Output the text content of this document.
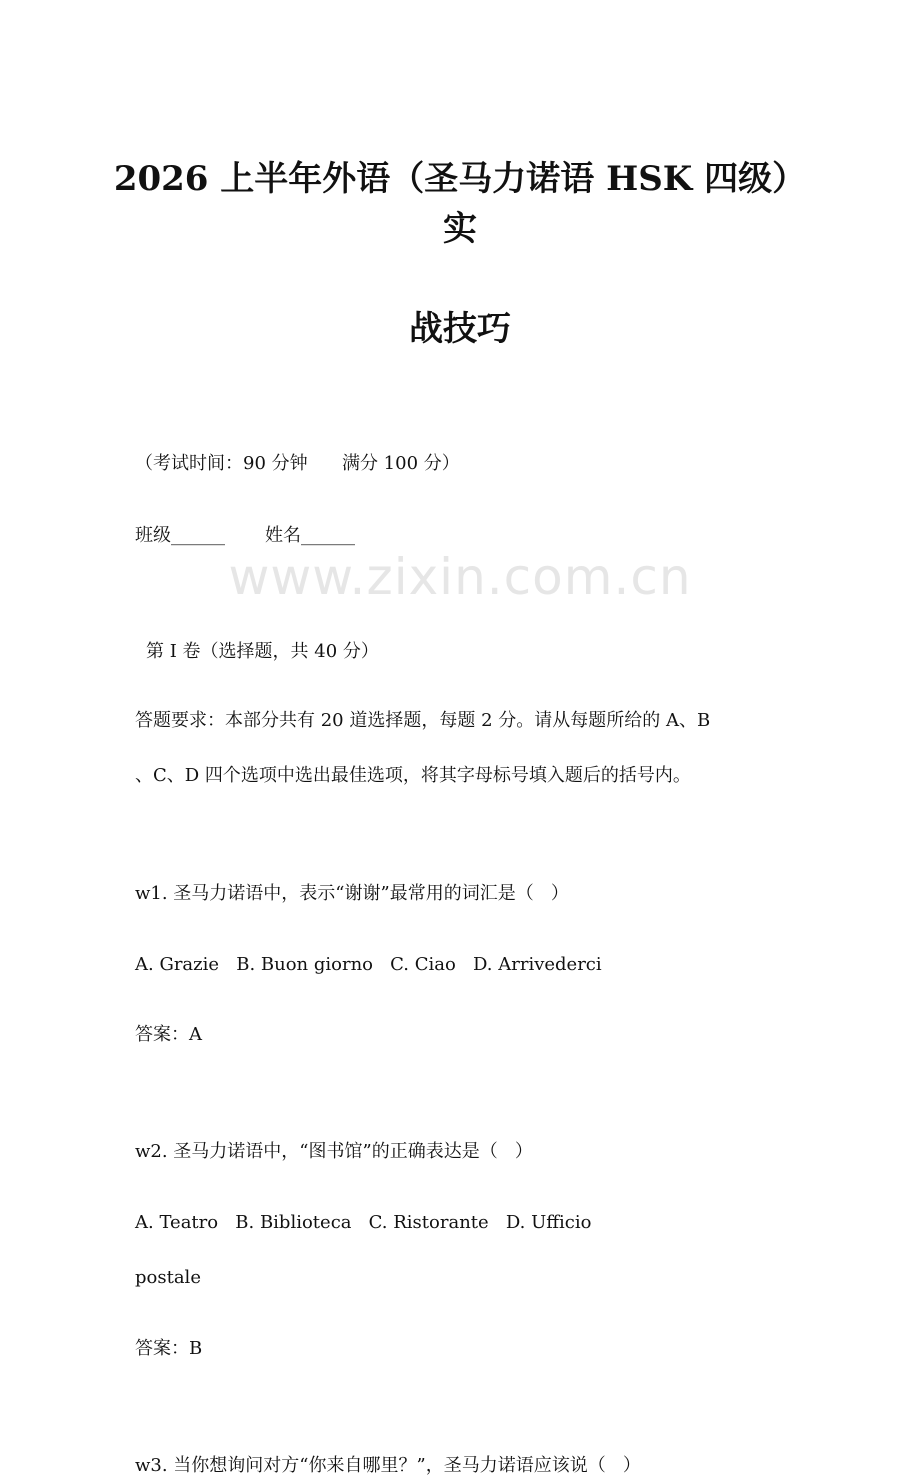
www.zixin.com.cn
2026 上半年外语（圣马力诺语 HSK 四级）实
战技巧
（考试时间：90 分钟      满分 100 分）
班级______       姓名______
第 I 卷（选择题，共 40 分）
答题要求：本部分共有 20 道选择题，每题 2 分。请从每题所给的 A、B
、C、D 四个选项中选出最佳选项，将其字母标号填入题后的括号内。
w1. 圣马力诺语中，表示“谢谢”最常用的词汇是（   ）
A. Grazie   B. Buon giorno   C. Ciao   D. Arrivederci
答案：A
w2. 圣马力诺语中，“图书馆”的正确表达是（   ）
A. Teatro   B. Biblioteca   C. Ristorante   D. Ufficio
postale
答案：B
w3. 当你想询问对方“你来自哪里？”，圣马力诺语应该说（   ）
